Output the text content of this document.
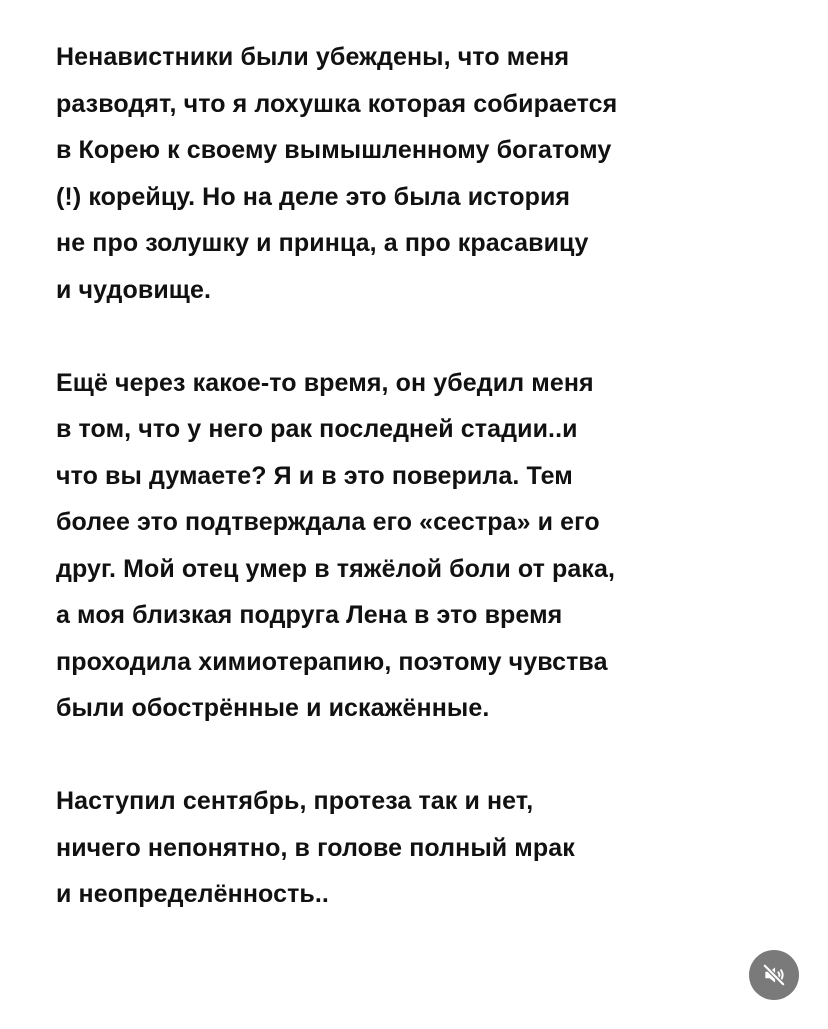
Ненавистники были убеждены, что меня
разводят, что я лохушка которая собирается
в Корею к своему вымышленному богатому
(!) корейцу. Но на деле это была история
не про золушку и принца, а про красавицу
и чудовище.

Ещё через какое-то время, он убедил меня
в том, что у него рак последней стадии..и
что вы думаете? Я и в это поверила. Тем
более это подтверждала его «сестра» и его
друг. Мой отец умер в тяжёлой боли от рака,
а моя близкая подруга Лена в это время
проходила химиотерапию, поэтому чувства
были обострённые и искажённые.

Наступил сентябрь, протеза так и нет,
ничего непонятно, в голове полный мрак
и неопределённость..
